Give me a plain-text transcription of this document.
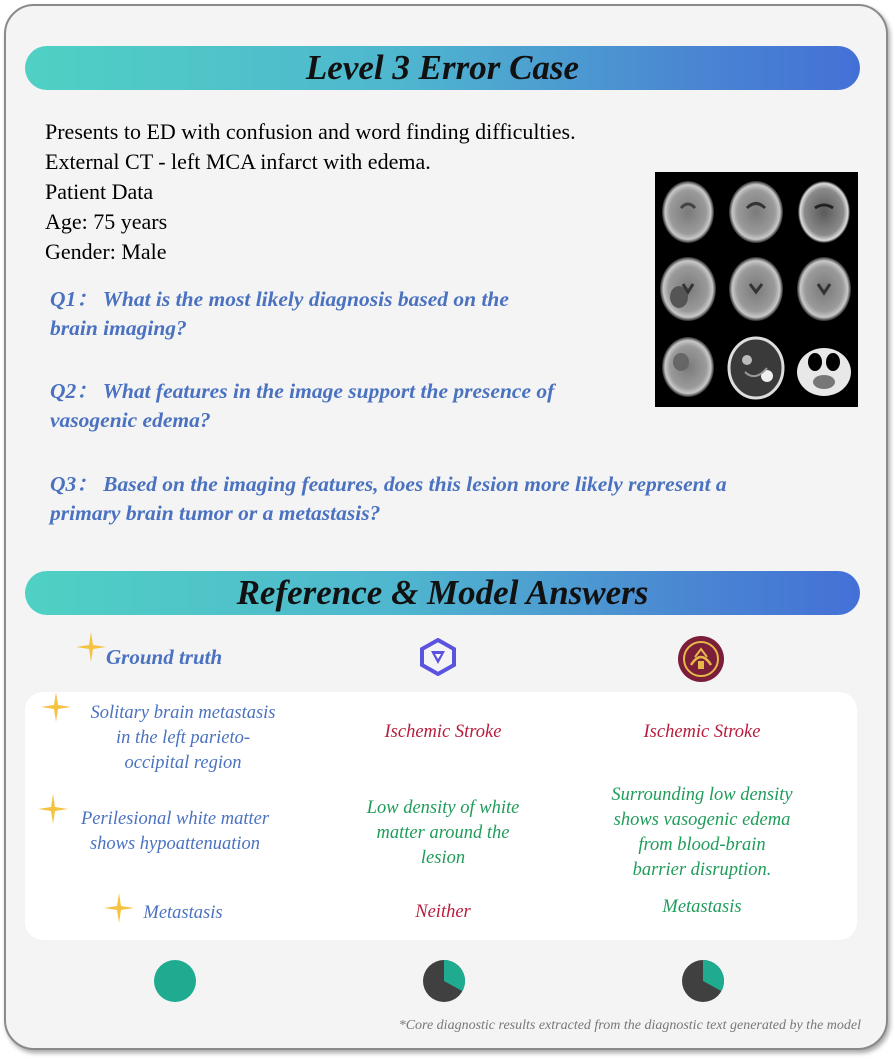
Level 3 Error Case
Presents to ED with confusion and word finding difficulties.
External CT - left MCA infarct with edema.
Patient Data
Age: 75 years
Gender: Male
Q1： What is the most likely diagnosis based on the
brain imaging?
Q2： What features in the image support the presence of
vasogenic edema?
Q3： Based on the imaging features, does this lesion more likely represent a
primary brain tumor or a metastasis?
Reference & Model Answers
Ground truth
Solitary brain metastasis
in the left parieto-
occipital region
Perilesional white matter
shows hypoattenuation
Metastasis
Ischemic Stroke
Low density of white
matter around the
lesion
Neither
Ischemic Stroke
Surrounding low density
shows vasogenic edema
from blood-brain
barrier disruption.
Metastasis
*Core diagnostic results extracted from the diagnostic text generated by the model
